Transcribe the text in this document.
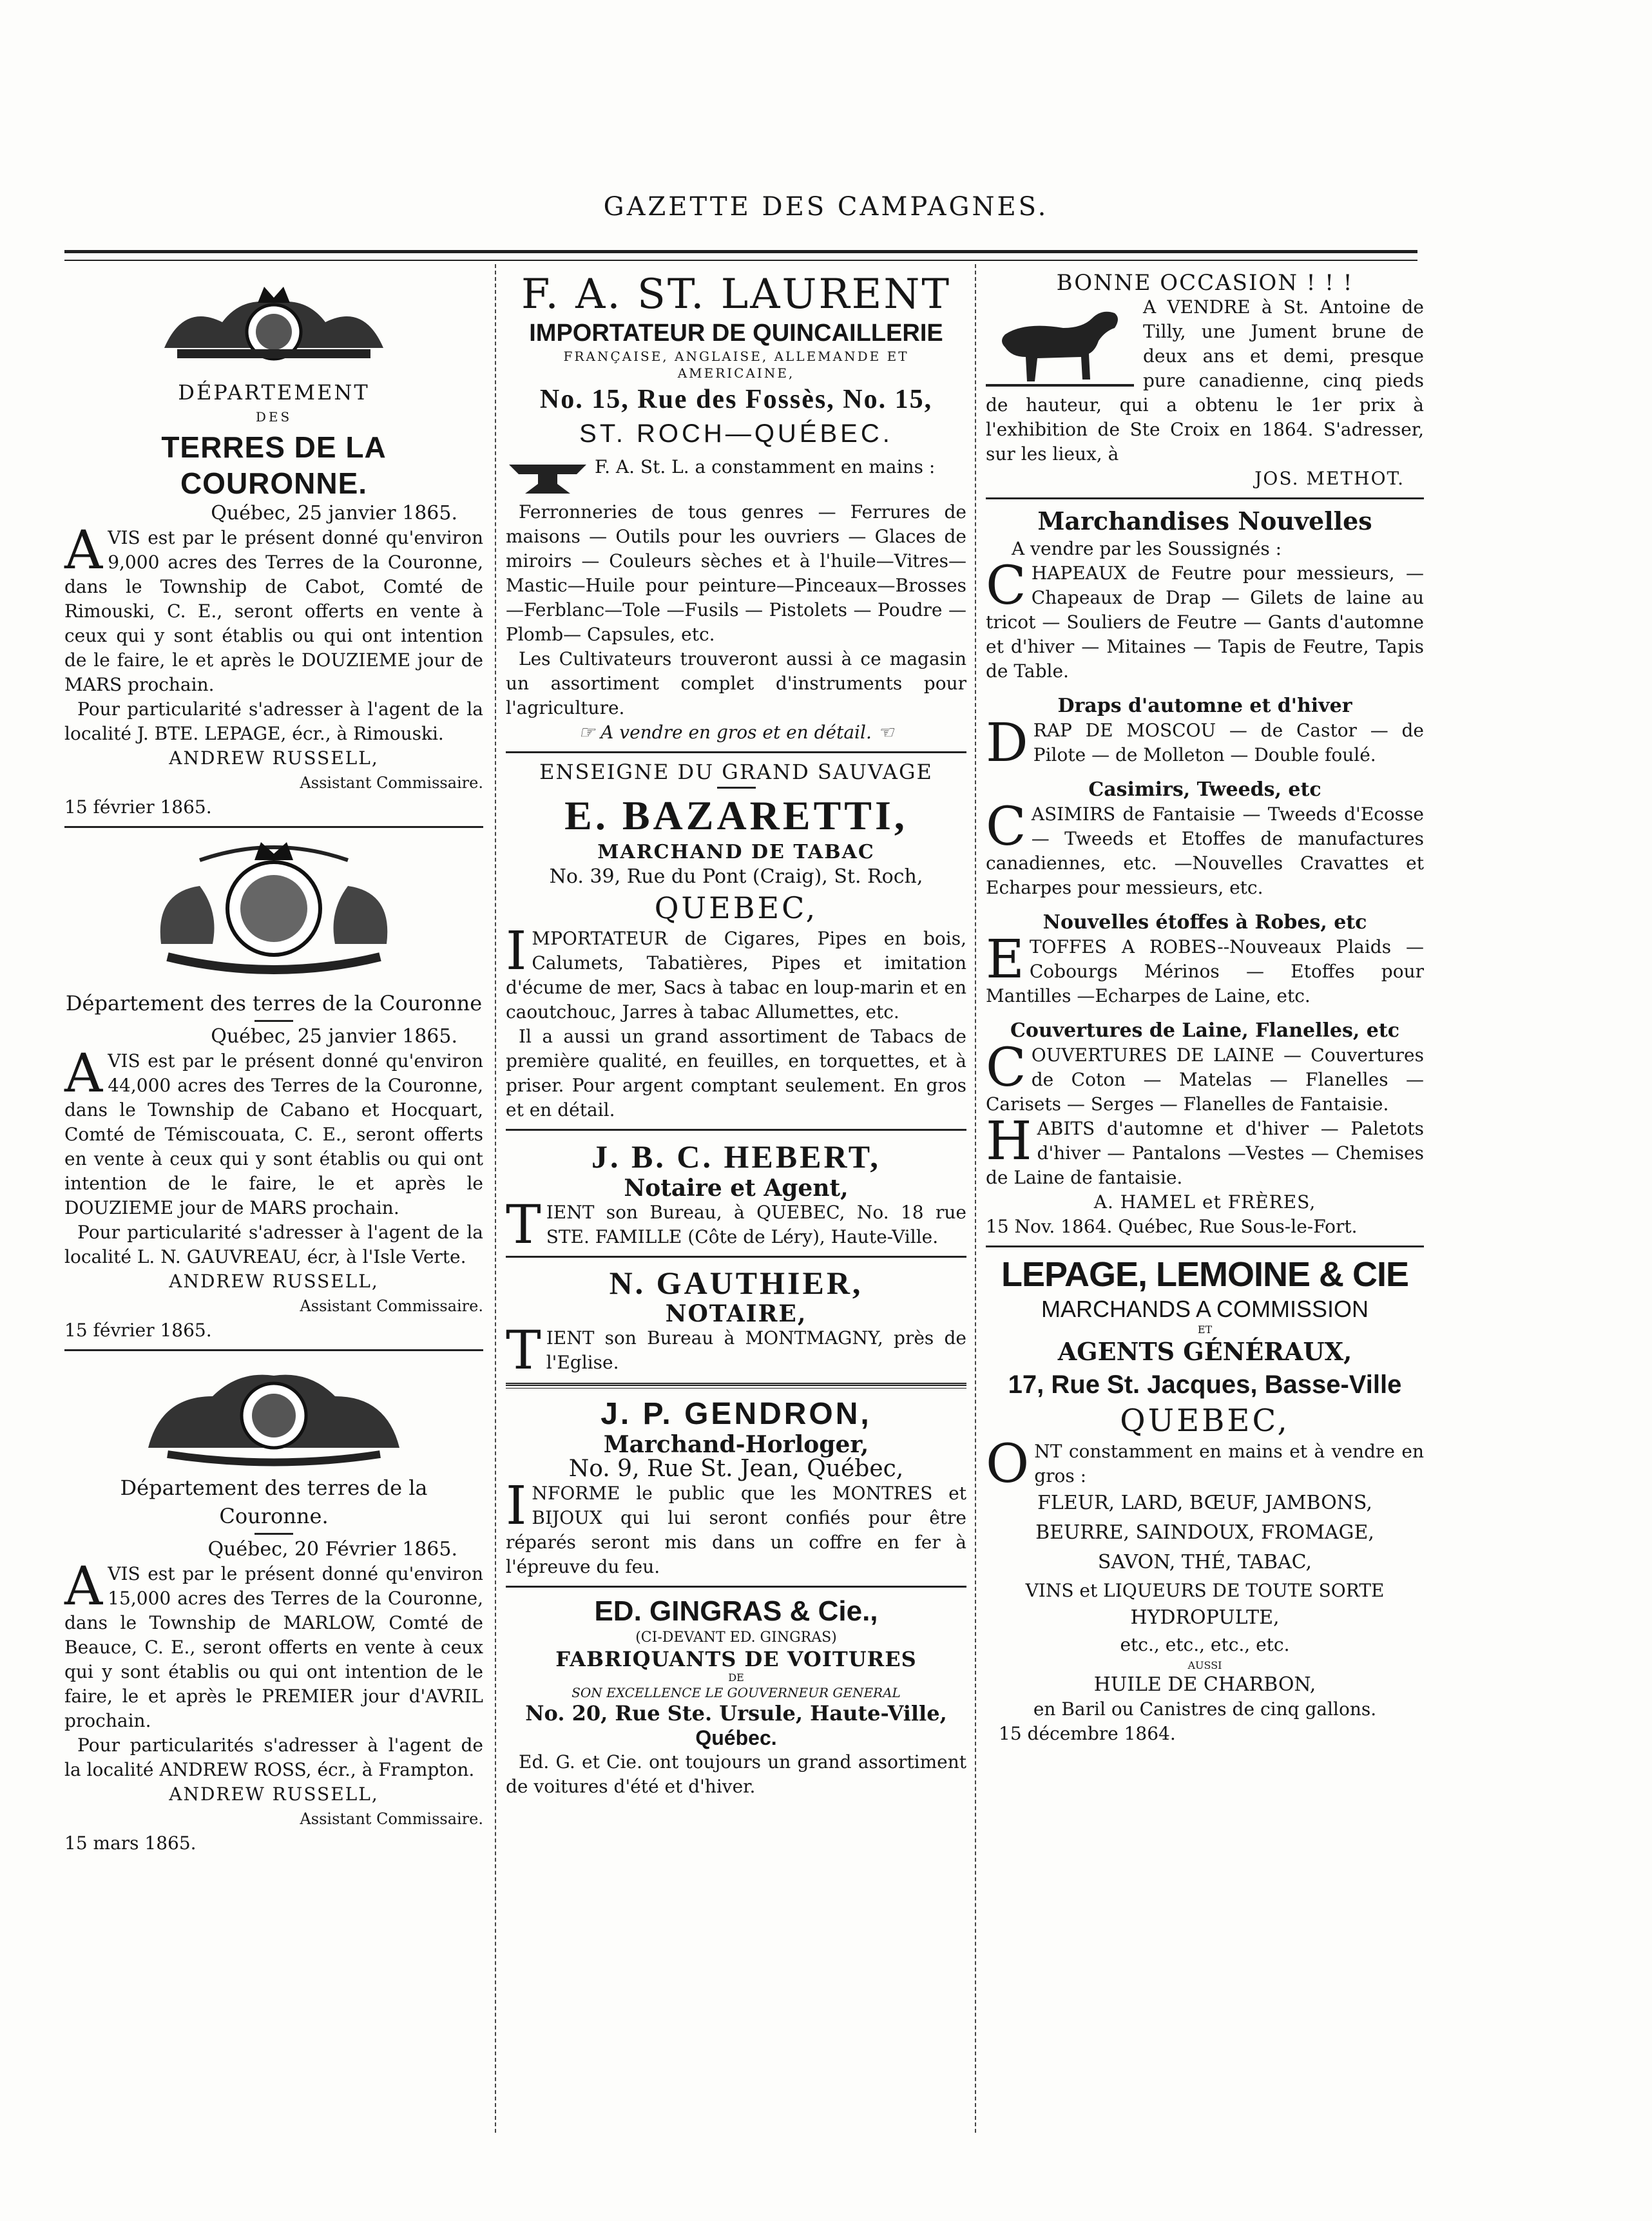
GAZETTE DES CAMPAGNES.

DÉPARTEMENT

DES

TERRES DE LA COURONNE.

Québec, 25 janvier 1865.

AVIS est par le présent donné qu'environ 9,000 acres des Terres de la Couronne, dans le Township de Cabot, Comté de Rimouski, C. E., seront offerts en vente à ceux qui y sont établis ou qui ont intention de le faire, le et après le DOUZIEME jour de MARS prochain.

Pour particularité s'adresser à l'agent de la localité J. BTE. LEPAGE, écr., à Rimouski.

ANDREW RUSSELL,

Assistant Commissaire.

15 février 1865.

Département des terres de la Couronne

Québec, 25 janvier 1865.

AVIS est par le présent donné qu'environ 44,000 acres des Terres de la Couronne, dans le Township de Cabano et Hocquart, Comté de Témiscouata, C. E., seront offerts en vente à ceux qui y sont établis ou qui ont intention de le faire, le et après le DOUZIEME jour de MARS prochain.

Pour particularité s'adresser à l'agent de la localité L. N. GAUVREAU, écr, à l'Isle Verte.

ANDREW RUSSELL,

Assistant Commissaire.

15 février 1865.

Département des terres de la Couronne.

Québec, 20 Février 1865.

AVIS est par le présent donné qu'environ 15,000 acres des Terres de la Couronne, dans le Township de MARLOW, Comté de Beauce, C. E., seront offerts en vente à ceux qui y sont établis ou qui ont intention de le faire, le et après le PREMIER jour d'AVRIL prochain.

Pour particularités s'adresser à l'agent de la localité ANDREW ROSS, écr., à Frampton.

ANDREW RUSSELL,

Assistant Commissaire.

15 mars 1865.

F. A. ST. LAURENT

IMPORTATEUR DE QUINCAILLERIE

FRANÇAISE, ANGLAISE, ALLEMANDE ET AMERICAINE,

No. 15, Rue des Fossès, No. 15,

ST. ROCH—QUÉBEC.

F. A. St. L. a constamment en mains :

Ferronneries de tous genres — Ferrures de maisons — Outils pour les ouvriers — Glaces de miroirs — Couleurs sèches et à l'huile—Vitres—Mastic—Huile pour peinture—Pinceaux—Brosses—Ferblanc—Tole —Fusils — Pistolets — Poudre — Plomb— Capsules, etc.

Les Cultivateurs trouveront aussi à ce magasin un assortiment complet d'instruments pour l'agriculture.

☞ A vendre en gros et en détail. ☜

ENSEIGNE DU GRAND SAUVAGE

E. BAZARETTI,

MARCHAND DE TABAC

No. 39, Rue du Pont (Craig), St. Roch,

QUEBEC,

IMPORTATEUR de Cigares, Pipes en bois, Calumets, Tabatières, Pipes et imitation d'écume de mer, Sacs à tabac en loup-marin et en caoutchouc, Jarres à tabac Allumettes, etc.

Il a aussi un grand assortiment de Tabacs de première qualité, en feuilles, en torquettes, et à priser. Pour argent comptant seulement. En gros et en détail.

J. B. C. HEBERT,

Notaire et Agent,

TIENT son Bureau, à QUEBEC, No. 18 rue STE. FAMILLE (Côte de Léry), Haute-Ville.

N. GAUTHIER,

NOTAIRE,

TIENT son Bureau à MONTMAGNY, près de l'Eglise.

J. P. GENDRON,

Marchand-Horloger,

No. 9, Rue St. Jean, Québec,

INFORME le public que les MONTRES et BIJOUX qui lui seront confiés pour être réparés seront mis dans un coffre en fer à l'épreuve du feu.

ED. GINGRAS & Cie.,

(CI-DEVANT ED. GINGRAS)

FABRIQUANTS DE VOITURES

DE

SON EXCELLENCE LE GOUVERNEUR GENERAL

No. 20, Rue Ste. Ursule, Haute-Ville,

Québec.

Ed. G. et Cie. ont toujours un grand assortiment de voitures d'été et d'hiver.

BONNE OCCASION ! ! !

A VENDRE à St. Antoine de Tilly, une Jument brune de deux ans et demi, presque pure canadienne, cinq pieds de hauteur, qui a obtenu le 1er prix à l'exhibition de Ste Croix en 1864. S'adresser, sur les lieux, à

JOS. METHOT.

Marchandises Nouvelles

A vendre par les Soussignés :

CHAPEAUX de Feutre pour messieurs, —Chapeaux de Drap — Gilets de laine au tricot — Souliers de Feutre — Gants d'automne et d'hiver — Mitaines — Tapis de Feutre, Tapis de Table.

Draps d'automne et d'hiver

DRAP DE MOSCOU — de Castor — de Pilote — de Molleton — Double foulé.

Casimirs, Tweeds, etc

CASIMIRS de Fantaisie — Tweeds d'Ecosse — Tweeds et Etoffes de manufactures canadiennes, etc. —Nouvelles Cravattes et Echarpes pour messieurs, etc.

Nouvelles étoffes à Robes, etc

ETOFFES A ROBES--Nouveaux Plaids — Cobourgs Mérinos — Etoffes pour Mantilles —Echarpes de Laine, etc.

Couvertures de Laine, Flanelles, etc

COUVERTURES DE LAINE — Couvertures de Coton — Matelas — Flanelles — Carisets — Serges — Flanelles de Fantaisie.

HABITS d'automne et d'hiver — Paletots d'hiver — Pantalons —Vestes — Chemises de Laine de fantaisie.

A. HAMEL et FRÈRES,

15 Nov. 1864. Québec, Rue Sous-le-Fort.

LEPAGE, LEMOINE & CIE

MARCHANDS A COMMISSION

ET

AGENTS GÉNÉRAUX,

17, Rue St. Jacques, Basse-Ville

QUEBEC,

ONT constamment en mains et à vendre en gros :

FLEUR, LARD, BŒUF, JAMBONS,

BEURRE, SAINDOUX, FROMAGE,

SAVON, THÉ, TABAC,

VINS et LIQUEURS DE TOUTE SORTE

HYDROPULTE,

etc., etc., etc., etc.

AUSSI

HUILE DE CHARBON,

en Baril ou Canistres de cinq gallons.

15 décembre 1864.
